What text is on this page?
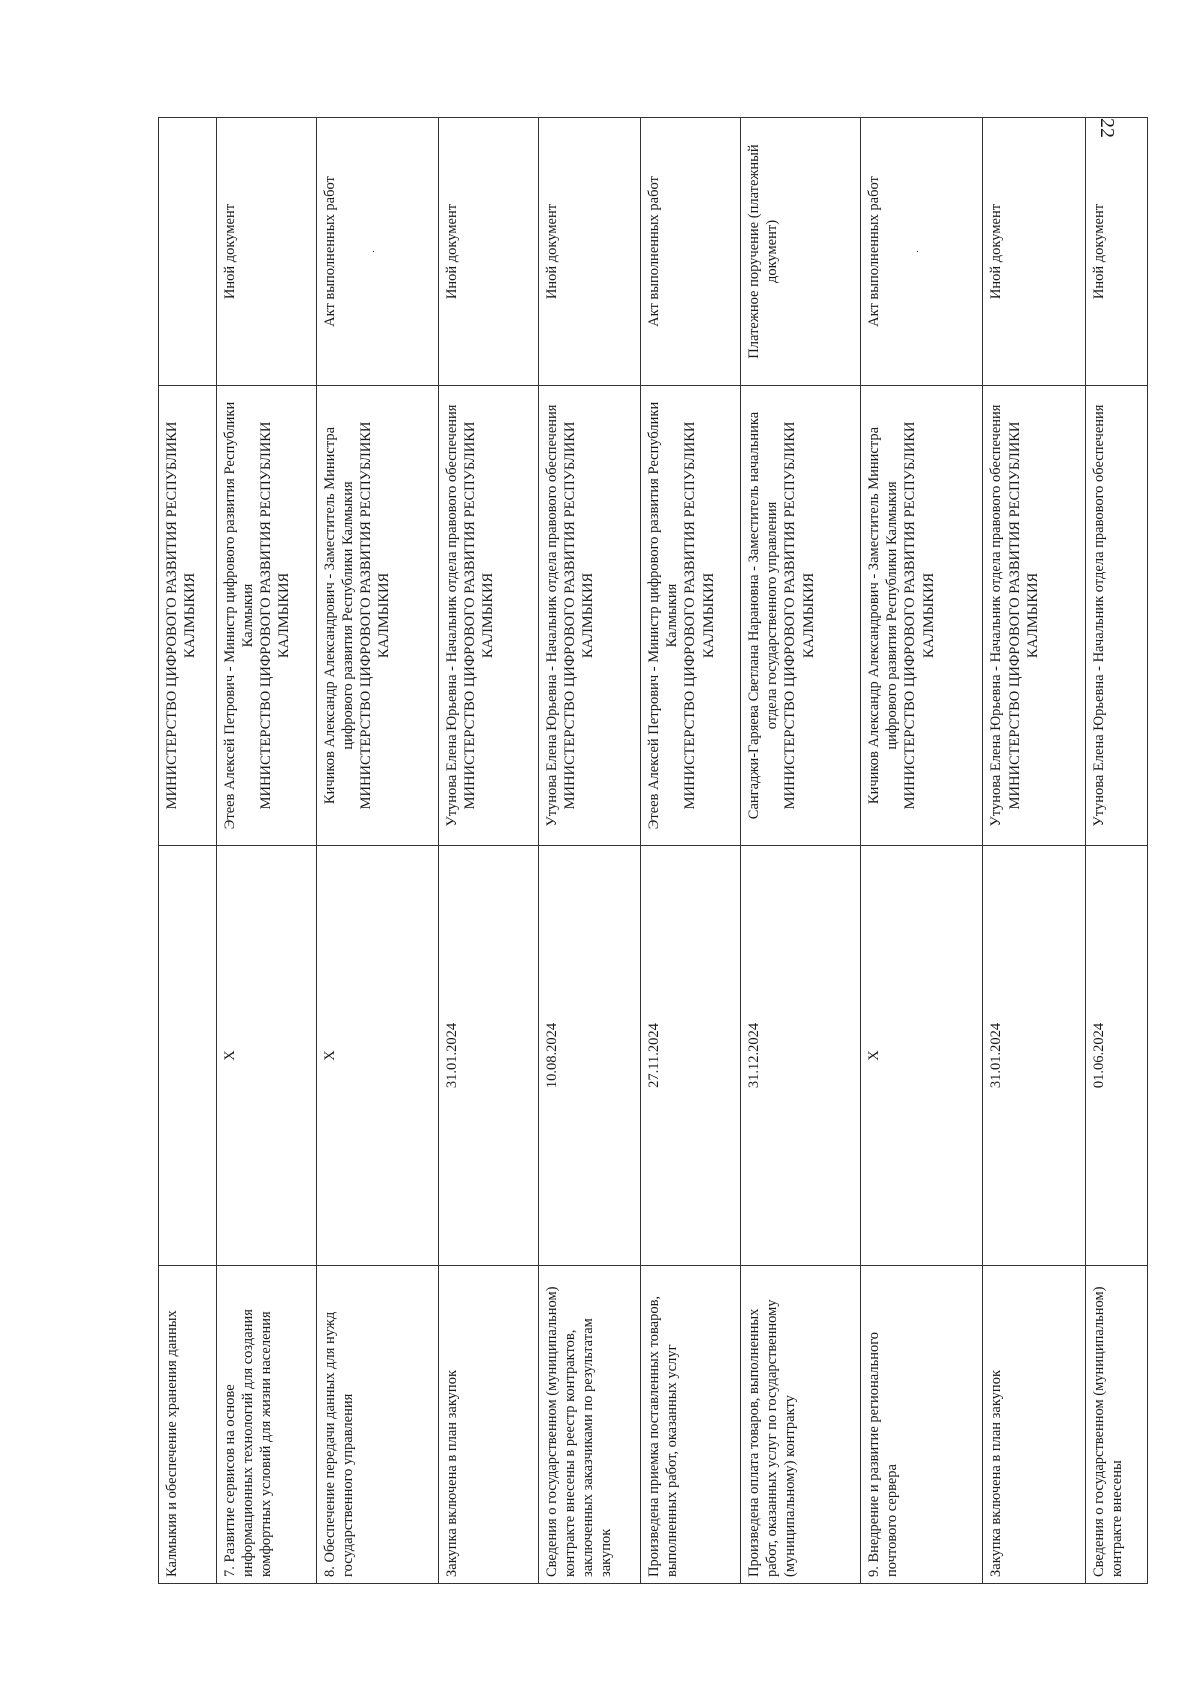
22
Калмыкия и обеспечение хранения данных		МИНИСТЕРСТВО ЦИФРОВОГО РАЗВИТИЯ РЕСПУБЛИКИ КАЛМЫКИЯ	

7. Развитие сервисов на основе информационных технологий для создания комфортных условий для жизни населения	X	Этеев Алексей Петрович - Министр цифрового развития Республики Калмыкия МИНИСТЕРСТВО ЦИФРОВОГО РАЗВИТИЯ РЕСПУБЛИКИ КАЛМЫКИЯ	Иной документ
8. Обеспечение передачи данных для нужд государственного управления	X	Кичиков Александр Александрович - Заместитель Министра цифрового развития Республики Калмыкия МИНИСТЕРСТВО ЦИФРОВОГО РАЗВИТИЯ РЕСПУБЛИКИ КАЛМЫКИЯ	Акт выполненных работ ·

Закупка включена в план закупок	31.01.2024	Утунова Елена Юрьевна - Начальник отдела правового обеспечения МИНИСТЕРСТВО ЦИФРОВОГО РАЗВИТИЯ РЕСПУБЛИКИ КАЛМЫКИЯ	Иной документ
Сведения о государственном (муниципальном) контракте внесены в реестр контрактов, заключенных заказчиками по результатам закупок	10.08.2024	Утунова Елена Юрьевна - Начальник отдела правового обеспечения МИНИСТЕРСТВО ЦИФРОВОГО РАЗВИТИЯ РЕСПУБЛИКИ КАЛМЫКИЯ	Иной документ
Произведена приемка поставленных товаров, выполненных работ, оказанных услуг	27.11.2024	Этеев Алексей Петрович - Министр цифрового развития Республики Калмыкия МИНИСТЕРСТВО ЦИФРОВОГО РАЗВИТИЯ РЕСПУБЛИКИ КАЛМЫКИЯ	Акт выполненных работ
Произведена оплата товаров, выполненных работ, оказанных услуг по государственному (муниципальному) контракту	31.12.2024	Сангаджи-Гаряева Светлана Нарановна - Заместитель начальника отдела государственного управления МИНИСТЕРСТВО ЦИФРОВОГО РАЗВИТИЯ РЕСПУБЛИКИ КАЛМЫКИЯ	Платежное поручение (платежный документ)
9. Внедрение и развитие регионального почтового сервера	X	Кичиков Александр Александрович - Заместитель Министра цифрового развития Республики Калмыкия МИНИСТЕРСТВО ЦИФРОВОГО РАЗВИТИЯ РЕСПУБЛИКИ КАЛМЫКИЯ	Акт выполненных работ ·

Закупка включена в план закупок	31.01.2024	Утунова Елена Юрьевна - Начальник отдела правового обеспечения МИНИСТЕРСТВО ЦИФРОВОГО РАЗВИТИЯ РЕСПУБЛИКИ КАЛМЫКИЯ	Иной документ
Сведения о государственном (муниципальном) контракте внесены	01.06.2024	Утунова Елена Юрьевна - Начальник отдела правового обеспечения	Иной документ
